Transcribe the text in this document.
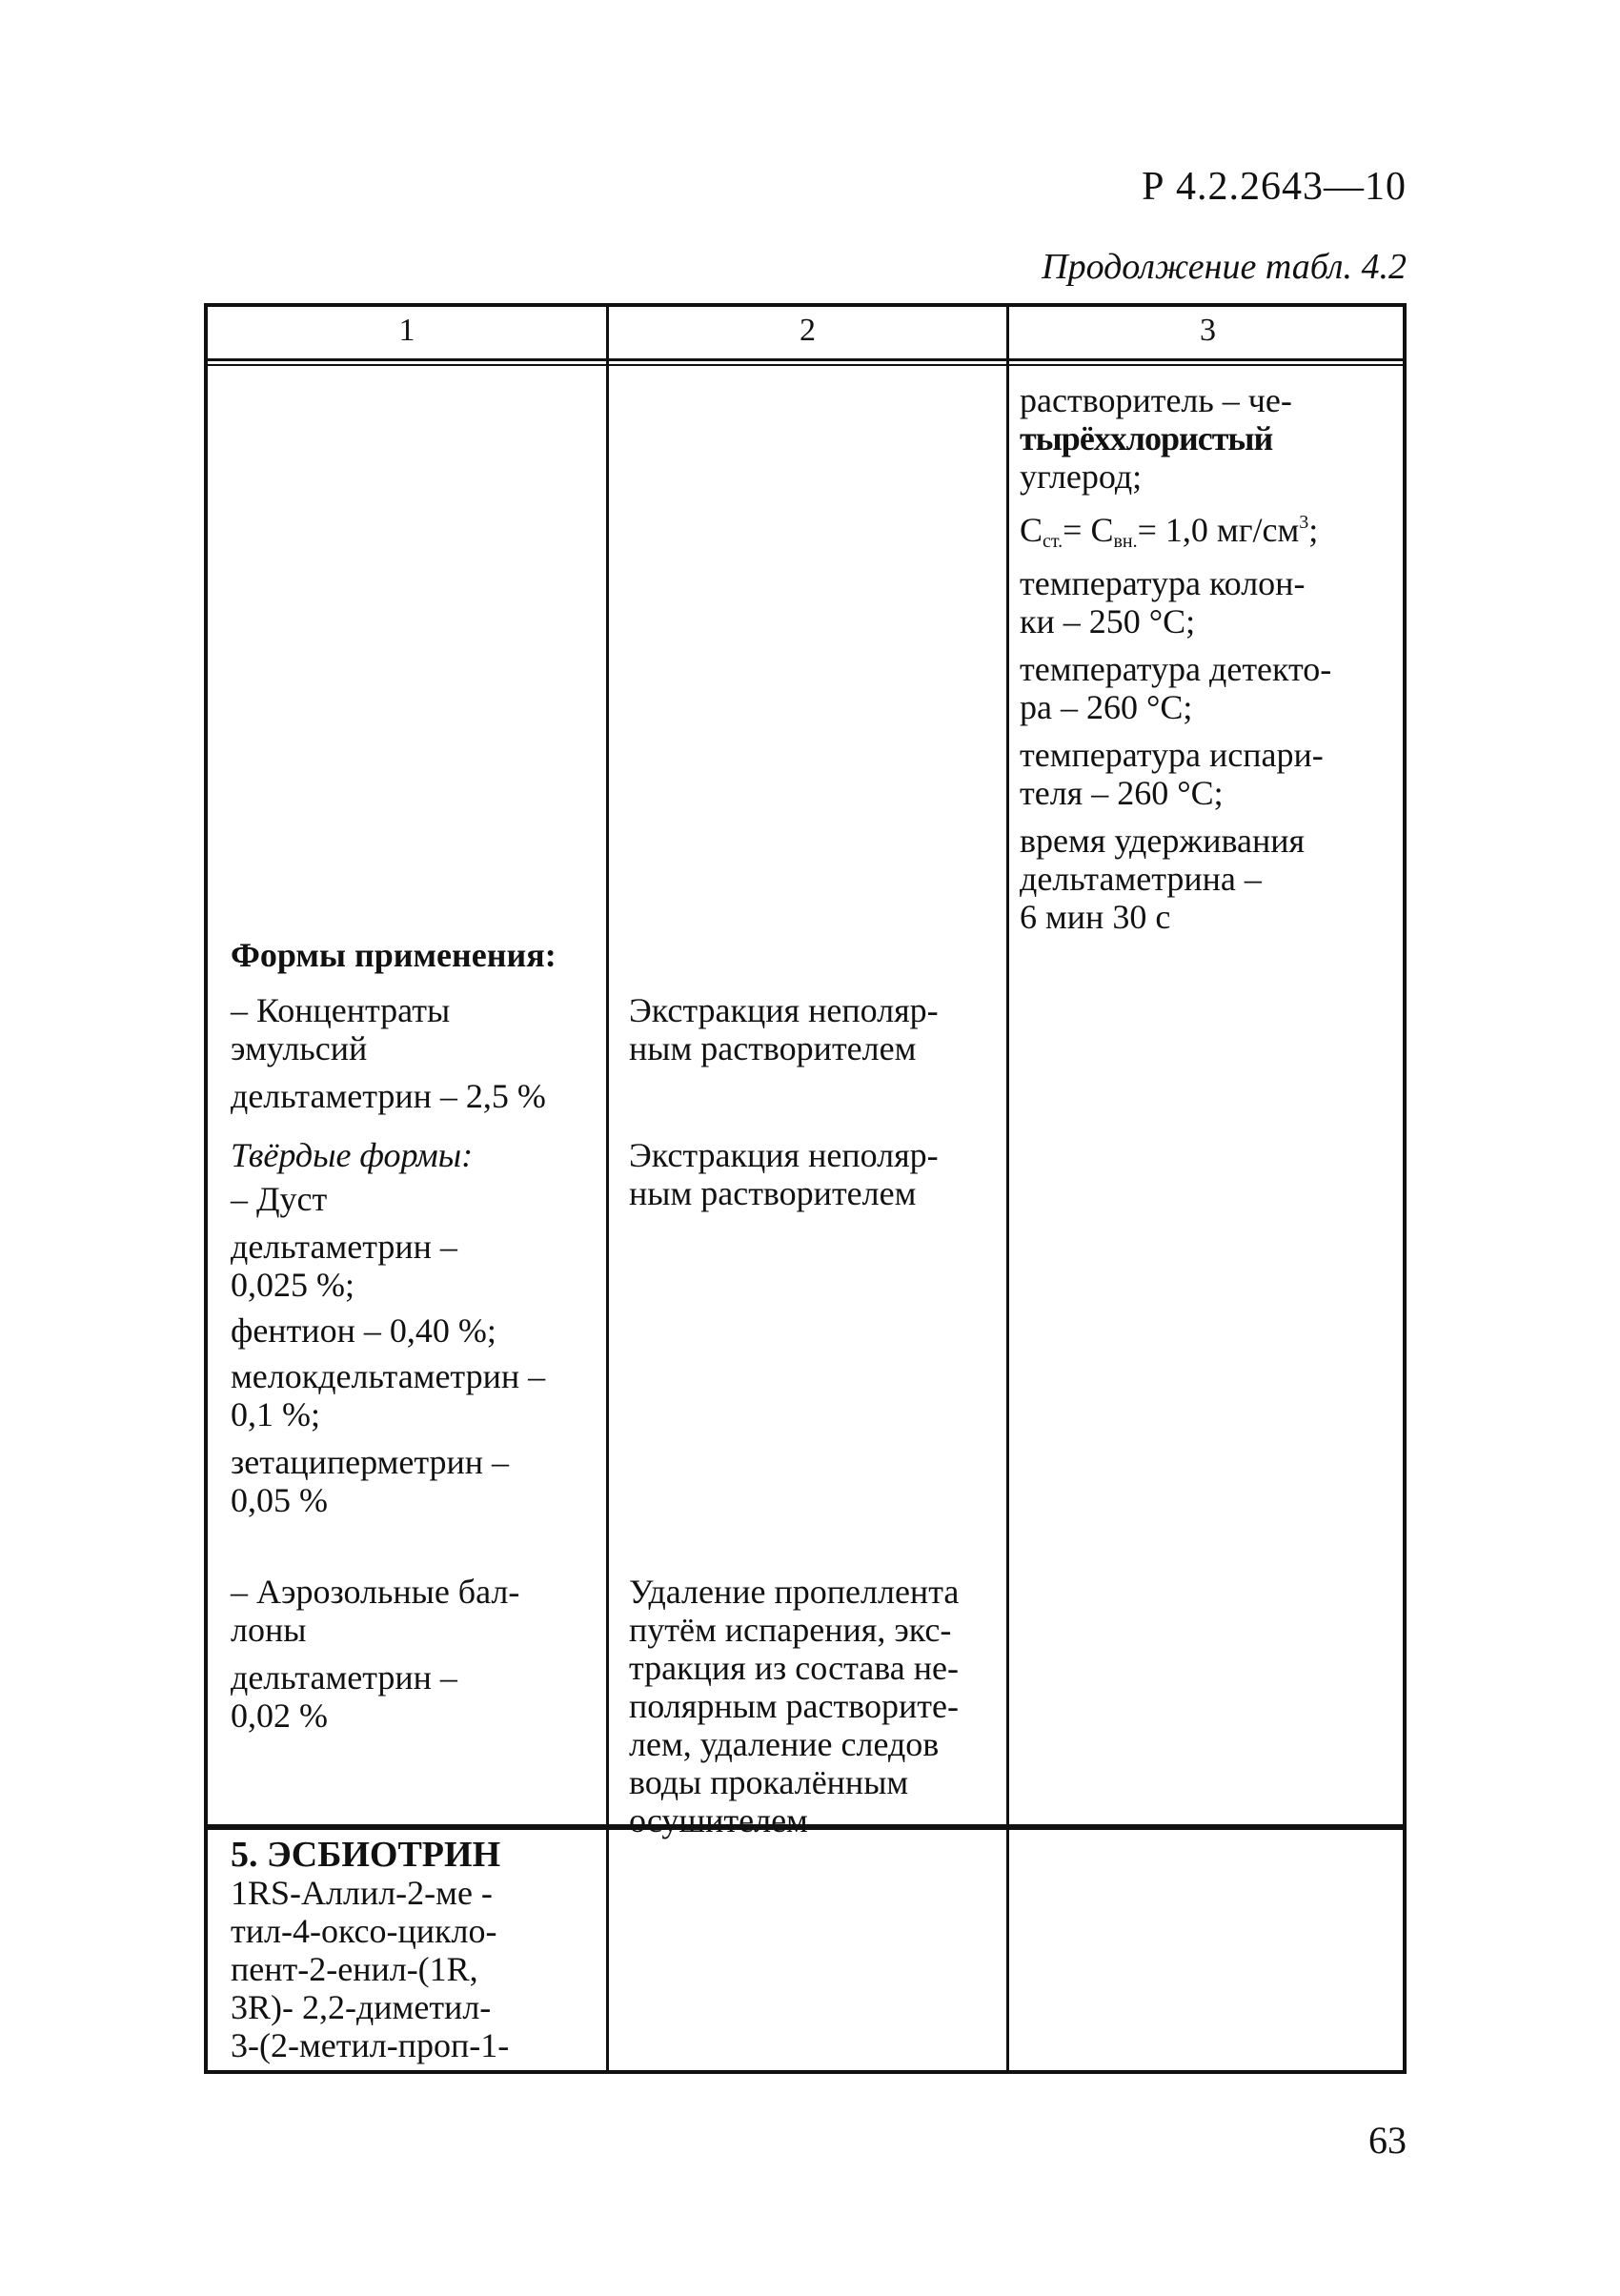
Р 4.2.2643—10
Продолжение табл. 4.2
1	2	3

растворитель – че-

тырёххлористый

углерод;

$С_{ст.}= С_{вн.}= 1,0$ $мг/см^3$;

температура колон-

ки – 250 °С;

температура детекто-

ра – 260 °С;

температура испари-

теля – 260 °С;

время удерживания

дельтаметрина –

6 мин 30 с

Формы применения:

– Концентраты

эмульсий

дельтаметрин – 2,5 %

Экстракция неполяр-

ным растворителем

Твёрдые формы:

– Дуст

дельтаметрин –

0,025 %;

фентион – 0,40 %;

мелокдельтаметрин –

0,1 %;

зетациперметрин –

0,05 %

Экстракция неполяр-

ным растворителем

– Аэрозольные бал-

лоны

дельтаметрин –

0,02 %

Удаление пропеллента

путём испарения, экс-

тракция из состава не-

полярным растворите-

лем, удаление следов

воды прокалённым

осушителем

5. ЭСБИОТРИН

1RS-Аллил-2-ме -

тил-4-оксо-цикло-

пент-2-енил-(1R,

3R)- 2,2-диметил-

3-(2-метил-проп-1-

63
